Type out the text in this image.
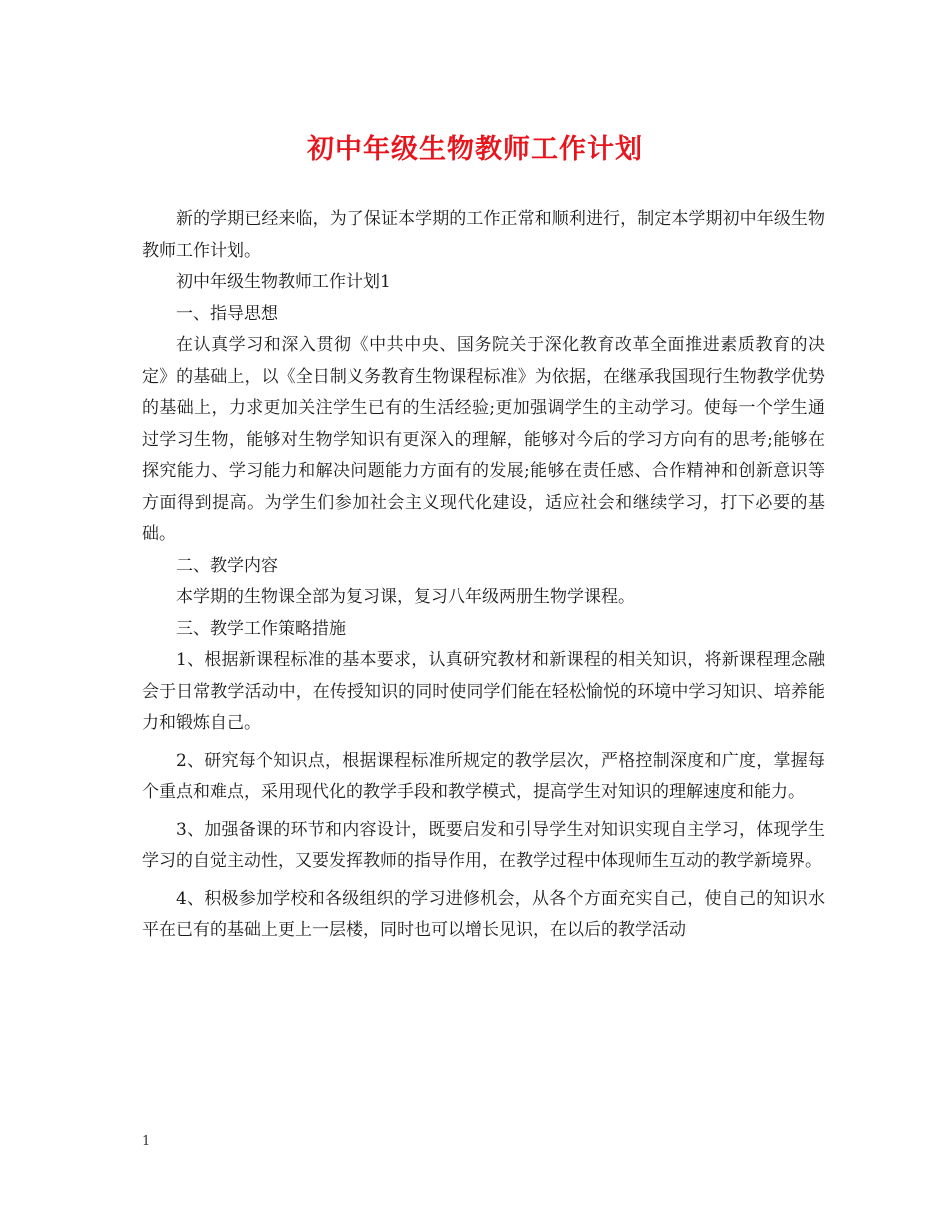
初中年级生物教师工作计划

新的学期已经来临，为了保证本学期的工作正常和顺利进行，制定本学期初中年级生物教师工作计划。

初中年级生物教师工作计划1

一、指导思想

在认真学习和深入贯彻《中共中央、国务院关于深化教育改革全面推进素质教育的决定》的基础上，以《全日制义务教育生物课程标准》为依据，在继承我国现行生物教学优势的基础上，力求更加关注学生已有的生活经验;更加强调学生的主动学习。使每一个学生通过学习生物，能够对生物学知识有更深入的理解，能够对今后的学习方向有的思考;能够在探究能力、学习能力和解决问题能力方面有的发展;能够在责任感、合作精神和创新意识等方面得到提高。为学生们参加社会主义现代化建设，适应社会和继续学习，打下必要的基础。

二、教学内容

本学期的生物课全部为复习课，复习八年级两册生物学课程。

三、教学工作策略措施

1、根据新课程标准的基本要求，认真研究教材和新课程的相关知识，将新课程理念融会于日常教学活动中，在传授知识的同时使同学们能在轻松愉悦的环境中学习知识、培养能力和锻炼自己。

2、研究每个知识点，根据课程标准所规定的教学层次，严格控制深度和广度，掌握每个重点和难点，采用现代化的教学手段和教学模式，提高学生对知识的理解速度和能力。

3、加强备课的环节和内容设计，既要启发和引导学生对知识实现自主学习，体现学生学习的自觉主动性，又要发挥教师的指导作用，在教学过程中体现师生互动的教学新境界。

4、积极参加学校和各级组织的学习进修机会，从各个方面充实自己，使自己的知识水平在已有的基础上更上一层楼，同时也可以增长见识，在以后的教学活动

1
